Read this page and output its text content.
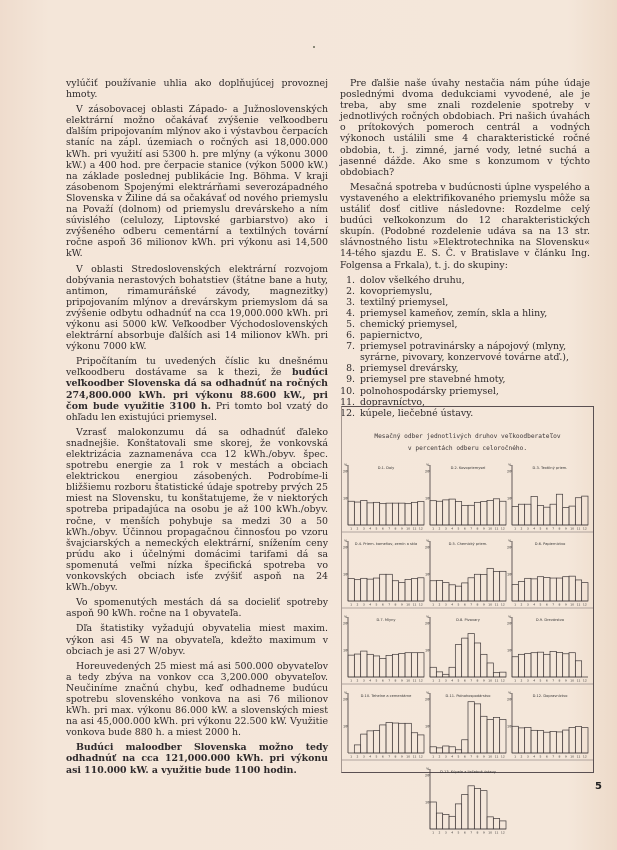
vylúčiť používanie uhlia ako doplňujúcej provoznej hmoty.

V zásobovacej oblasti Západo- a Južnoslovenských elektrární možno očakávať zvýšenie veľkoodberu ďalším pripojovaním mlýnov ako i výstavbou čerpacích staníc na zápl. územiach o ročných asi 18,000.000 kWh. pri využití asi 5300 h. pre mlýny (a výkonu 3000 kW.) a 400 hod. pre čerpacie stanice (výkon 5000 kW.) na základe poslednej publikácie Ing. Böhma. V kraji zásobenom Spojenými elektrárňami severozápadného Slovenska v Žiline dá sa očakávať od nového priemyslu na Považí (dolnom) od priemyslu drevárskeho a ním súvislého (celulozy, Liptovské garbiarstvo) ako i zvýšeného odberu cementární a textilných tovární ročne aspoň 36 milionov kWh. pri výkonu asi 14,500 kW.

V oblasti Stredoslovenských elektrární rozvojom dobývania nerastových bohatstiev (štátne bane a huty, antimon, rimamuráňské závody, magnezitky) pripojovaním mlýnov a drevárskym priemyslom dá sa zvýšenie odbytu odhadnúť na cca 19,000.000 kWh. pri výkonu asi 5000 kW. Veľkoodber Východoslovenských elektrární absorbuje ďalších asi 14 milionov kWh. pri výkonu 7000 kW.

Pripočítaním tu uvedených číslic ku dnešnému veľkoodberu dostávame sa k thezi, že budúci veľkoodber Slovenska dá sa odhadnúť na ročných 274,800.000 kWh. pri výkonu 88.600 kW., pri čom bude využitie 3100 h. Pri tomto bol vzatý do ohľadu len existujúci priemysel.

Vzrasť malokonzumu dá sa odhadnúť ďaleko snadnejšie. Konštatovali sme skorej, že vonkovská elektrizácia zaznamenáva cca 12 kWh./obyv. špec. spotrebu energie za 1 rok v mestách a obciach elektrickou energiou zásobených. Podrobíme-li bližšiemu rozboru štatistické údaje spotreby prvých 25 miest na Slovensku, tu konštatujeme, že v niektorých spotreba pripadajúca na osobu je až 100 kWh./obyv. ročne, v menších pohybuje sa medzi 30 a 50 kWh./obyv. Účinnou propagačnou činnosťou po vzoru švajciarských a nemeckých elektrární, snížením ceny prúdu ako i účelnými domácimi tarifami dá sa spomenutá veľmi nízka špecifická spotreba vo vonkovských obciach isťe zvýšiť aspoň na 24 kWh./obyv.

Vo spomenutých mestách dá sa docieliť spotreby aspoň 90 kWh. ročne na 1 obyvateľa.

Dľa štatistiky vyžadujú obyvatelia miest maxim. výkon asi 45 W na obyvateľa, kdežto maximum v obciach je asi 27 W/obyv.

Horeuvedených 25 miest má asi 500.000 obyvateľov a tedy zbýva na vonkov cca 3,200.000 obyvateľov. Neučiníme značnú chybu, keď odhadneme budúcu spotrebu slovenského vonkova na asi 76 milionov kWh. pri max. výkonu 86.000 kW. a slovenských miest na asi 45,000.000 kWh. pri výkonu 22.500 kW. Využitie vonkova bude 880 h. a miest 2000 h.

Budúci maloodber Slovenska možno tedy odhadnúť na cca 121,000.000 kWh. pri výkonu asi 110.000 kW. a využitie bude 1100 hodin.

Pre ďalšie naše úvahy nestačia nám púhe údaje poslednými dvoma dedukciami vyvodené, ale je treba, aby sme znali rozdelenie spotreby v jednotlivých ročných obdobiach. Pri našich úvahách o prítokových pomeroch centrál a vodných výkonoch ustálili sme 4 charakteristické ročné obdobia, t. j. zimné, jarné vody, letné suchá a jasenné dážde. Ako sme s konzumom v týchto obdobiach?

Mesačná spotreba v budúcnosti úplne vyspelého a vystaveného a elektrifikovaného priemyslu môže sa ustáliť dosť citlive následovne: Rozdelme celý budúci veľkokonzum do 12 charakteristických skupín. (Podobné rozdelenie udáva sa na 13 str. slávnostného listu »Elektrotechnika na Slovensku« 14-tého sjazdu E. S. Č. v Bratislave v článku Ing. Folgensa a Frkala), t. j. do skupiny:

1. dolov všelkého druhu,
2. kovopriemyslu,
3. textilný priemysel,
4. priemysel kameňov, zemín, skla a hliny,
5. chemický priemysel,
6. papiernictvo,
7. priemysel potravinársky a nápojový (mlyny, syrárne, pivovary, konzervové továrne atď.),
8. priemysel drevársky,
9. priemysel pre stavebné hmoty,
10. polnohospodársky priemysel,
11. dopravníctvo,
12. kúpele, liečebné ústavy.
Mesačný odber jednotlivých druhov veľkoodberateľov
v percentách odberu celoročného.
%
20
10
D.1. Doly
1 2 3 4 5 6 7 8 9 10 11 12
%
20
10
D.2. Kovopriemysel
1 2 3 4 5 6 7 8 9 10 11 12
%
20
10
D.3. Textilný priem.
1 2 3 4 5 6 7 8 9 10 11 12
%
20
10
D.4. Priem. kameňov, zemín a skla
1 2 3 4 5 6 7 8 9 10 11 12
%
20
10
D.5. Chemický priem.
1 2 3 4 5 6 7 8 9 10 11 12
%
20
10
D.6. Papiernictvo
1 2 3 4 5 6 7 8 9 10 11 12
%
20
10
D.7. Mlyny
1 2 3 4 5 6 7 8 9 10 11 12
%
20
10
D.8. Pivovary
1 2 3 4 5 6 7 8 9 10 11 12
%
20
10
D.9. Drevárstvo
1 2 3 4 5 6 7 8 9 10 11 12
%
20
10
D.10. Tehelne a cementárne
1 2 3 4 5 6 7 8 9 10 11 12
%
20
10
D.11. Polnohospodárstvo
1 2 3 4 5 6 7 8 9 10 11 12
%
20
10
D.12. Dopravníctvo
1 2 3 4 5 6 7 8 9 10 11 12
%
20
10
D.13. Kúpele a liečebné ústavy
1 2 3 4 5 6 7 8 9 10 11 12
5
